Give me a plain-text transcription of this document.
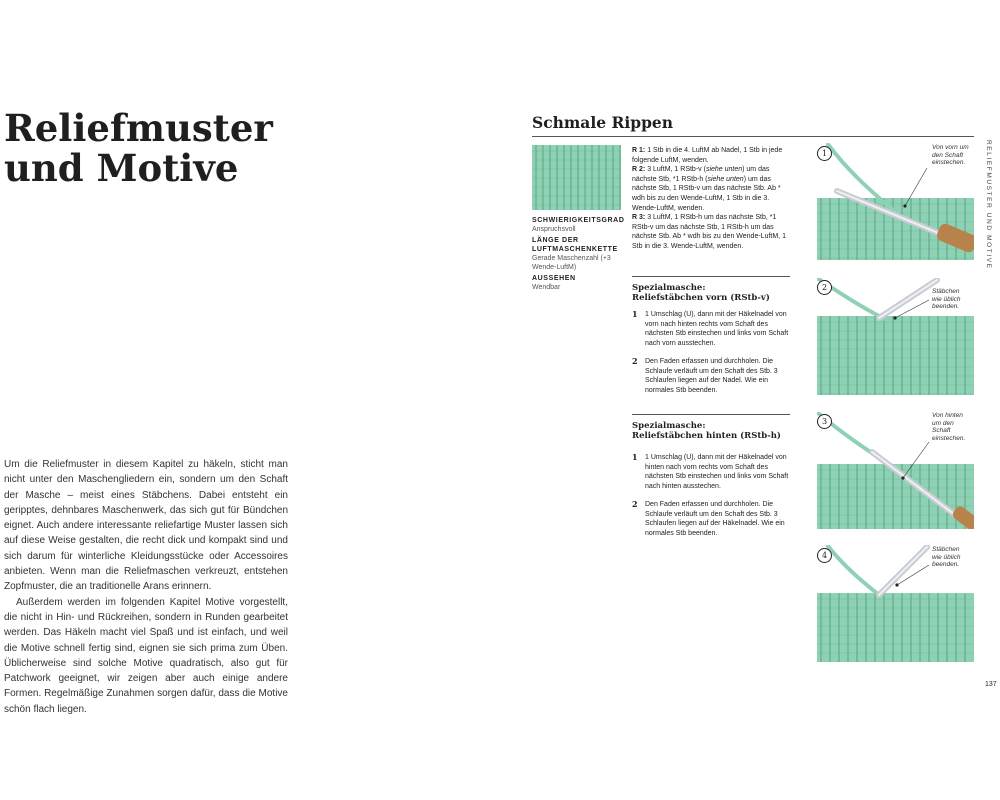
Reliefmuster
und Motive

Um die Reliefmuster in diesem Kapitel zu häkeln, sticht man nicht unter den Maschengliedern ein, sondern um den Schaft der Masche – meist eines Stäbchens. Dabei entsteht ein geripptes, dehnbares Maschenwerk, das sich gut für Bündchen eignet. Auch andere interessante reliefartige Muster lassen sich auf diese Weise gestalten, die recht dick und kompakt sind und sich darum für winterliche Kleidungsstücke oder Accessoires anbieten. Wenn man die Reliefmaschen verkreuzt, entstehen Zopfmuster, die an traditionelle Arans erinnern.

Außerdem werden im folgenden Kapitel Motive vorgestellt, die nicht in Hin- und Rückreihen, sondern in Runden gearbeitet werden. Das Häkeln macht viel Spaß und ist einfach, und weil die Motive schnell fertig sind, eignen sie sich prima zum Üben. Üblicherweise sind solche Motive quadratisch, also gut für Patchwork geeignet, wir zeigen aber auch einige andere Formen. Regelmäßige Zunahmen sorgen dafür, dass die Motive schön flach liegen.

Schmale Rippen
SCHWIERIGKEITSGRAD
Anspruchsvoll
LÄNGE DER LUFTMASCHENKETTE
Gerade Maschenzahl (+3 Wende-LuftM)
AUSSEHEN
Wendbar

R 1: 1 Stb in die 4. LuftM ab Nadel, 1 Stb in jede folgende LuftM, wenden.

R 2: 3 LuftM, 1 RStb-v (siehe unten) um das nächste Stb, *1 RStb-h (siehe unten) um das nächste Stb, 1 RStb-v um das nächste Stb. Ab * wdh bis zu den Wende-LuftM, 1 Stb in die 3. Wende-LuftM, wenden.

R 3: 3 LuftM, 1 RStb-h um das nächste Stb, *1 RStb-v um das nächste Stb, 1 RStb-h um das nächste Stb. Ab * wdh bis zu den Wende-LuftM, 1 Stb in die 3. Wende-LuftM, wenden.

Spezialmasche:
Reliefstäbchen vorn (RStb-v)
1	1 Umschlag (U), dann mit der Häkelnadel von vorn nach hinten rechts vom Schaft des nächsten Stb einstechen und links vom Schaft nach vorn ausstechen.
2	Den Faden erfassen und durchholen. Die Schlaufe verläuft um den Schaft des Stb. 3 Schlaufen liegen auf der Nadel. Wie ein normales Stb beenden.
Spezialmasche:
Reliefstäbchen hinten (RStb-h)
1	1 Umschlag (U), dann mit der Häkelnadel von hinten nach vorn rechts vom Schaft des nächsten Stb einstechen und links vom Schaft nach hinten ausstechen.
2	Den Faden erfassen und durchholen. Die Schlaufe verläuft um den Schaft des Stb. 3 Schlaufen liegen auf der Häkelnadel. Wie ein normales Stb beenden.
1
Von vorn um
den Schaft
einstechen.
2	Stäbchen
wie üblich
beenden.
3
Von hinten
um den
Schaft
einstechen.
4
Stäbchen
wie üblich
beenden.
RELIEFMUSTER UND MOTIVE
137
